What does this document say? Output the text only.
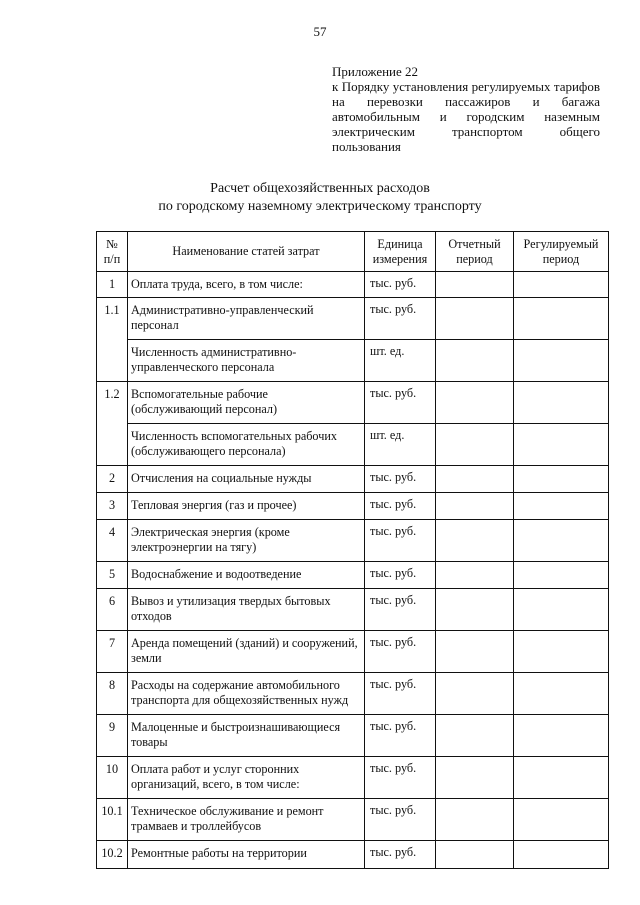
57
Приложение 22
к Порядку установления регулируемых тарифов на перевозки пассажиров и багажа автомобильным и городским наземным электрическим транспортом общего пользования
Расчет общехозяйственных расходов
по городскому наземному электрическому транспорту
№ п/п	Наименование статей затрат	Единица измерения	Отчетный период	Регулируемый период
1	Оплата труда, всего, в том числе:	тыс. руб.		
1.1	Административно-управленческий персонал	тыс. руб.		
	Численность административно-управленческого персонала	шт. ед.		
1.2	Вспомогательные рабочие (обслуживающий персонал)	тыс. руб.		
	Численность вспомогательных рабочих (обслуживающего персонала)	шт. ед.		
2	Отчисления на социальные нужды	тыс. руб.		
3	Тепловая энергия (газ и прочее)	тыс. руб.		
4	Электрическая энергия (кроме электроэнергии на тягу)	тыс. руб.		
5	Водоснабжение и водоотведение	тыс. руб.		
6	Вывоз и утилизация твердых бытовых отходов	тыс. руб.		
7	Аренда помещений (зданий) и сооружений, земли	тыс. руб.		
8	Расходы на содержание автомобильного транспорта для общехозяйственных нужд	тыс. руб.		
9	Малоценные и быстроизнашивающиеся товары	тыс. руб.		
10	Оплата работ и услуг сторонних организаций, всего, в том числе:	тыс. руб.		
10.1	Техническое обслуживание и ремонт трамваев и троллейбусов	тыс. руб.		
10.2	Ремонтные работы на территории	тыс. руб.		
